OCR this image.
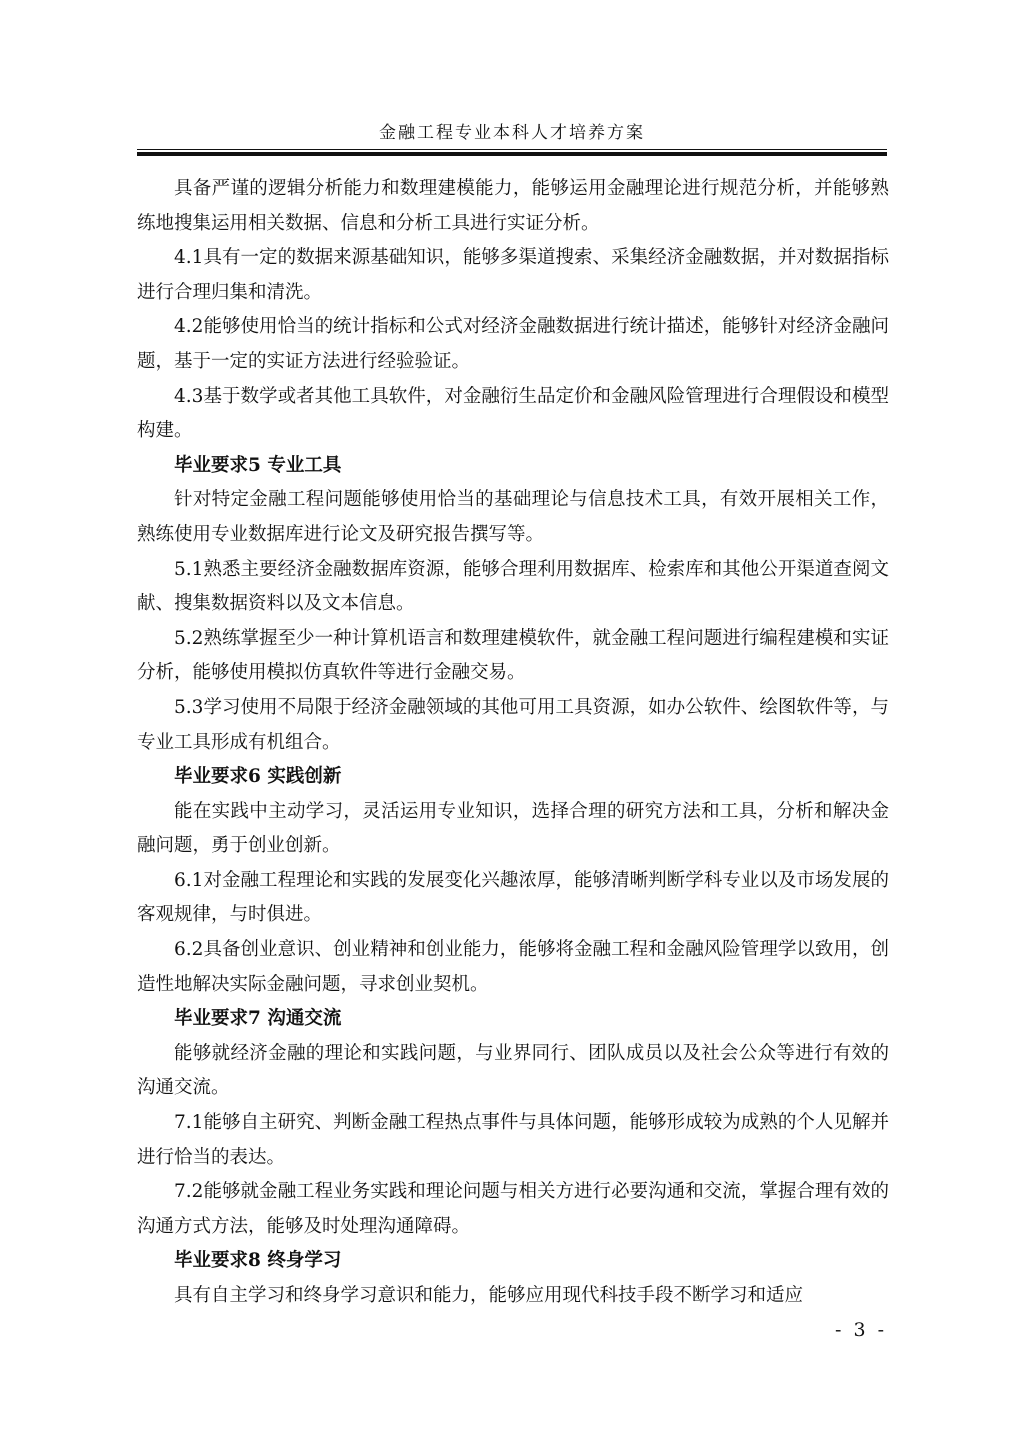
金融工程专业本科人才培养方案

具备严谨的逻辑分析能力和数理建模能力，能够运用金融理论进行规范分析，并能够熟练地搜集运用相关数据、信息和分析工具进行实证分析。

4.1具有一定的数据来源基础知识，能够多渠道搜索、采集经济金融数据，并对数据指标进行合理归集和清洗。

4.2能够使用恰当的统计指标和公式对经济金融数据进行统计描述，能够针对经济金融问题，基于一定的实证方法进行经验验证。

4.3基于数学或者其他工具软件，对金融衍生品定价和金融风险管理进行合理假设和模型构建。

毕业要求5 专业工具

针对特定金融工程问题能够使用恰当的基础理论与信息技术工具，有效开展相关工作，熟练使用专业数据库进行论文及研究报告撰写等。

5.1熟悉主要经济金融数据库资源，能够合理利用数据库、检索库和其他公开渠道查阅文献、搜集数据资料以及文本信息。

5.2熟练掌握至少一种计算机语言和数理建模软件，就金融工程问题进行编程建模和实证分析，能够使用模拟仿真软件等进行金融交易。

5.3学习使用不局限于经济金融领域的其他可用工具资源，如办公软件、绘图软件等，与专业工具形成有机组合。

毕业要求6 实践创新

能在实践中主动学习，灵活运用专业知识，选择合理的研究方法和工具，分析和解决金融问题，勇于创业创新。

6.1对金融工程理论和实践的发展变化兴趣浓厚，能够清晰判断学科专业以及市场发展的客观规律，与时俱进。

6.2具备创业意识、创业精神和创业能力，能够将金融工程和金融风险管理学以致用，创造性地解决实际金融问题，寻求创业契机。

毕业要求7 沟通交流

能够就经济金融的理论和实践问题，与业界同行、团队成员以及社会公众等进行有效的沟通交流。

7.1能够自主研究、判断金融工程热点事件与具体问题，能够形成较为成熟的个人见解并进行恰当的表达。

7.2能够就金融工程业务实践和理论问题与相关方进行必要沟通和交流，掌握合理有效的沟通方式方法，能够及时处理沟通障碍。

毕业要求8 终身学习

具有自主学习和终身学习意识和能力，能够应用现代科技手段不断学习和适应

- 3 -
